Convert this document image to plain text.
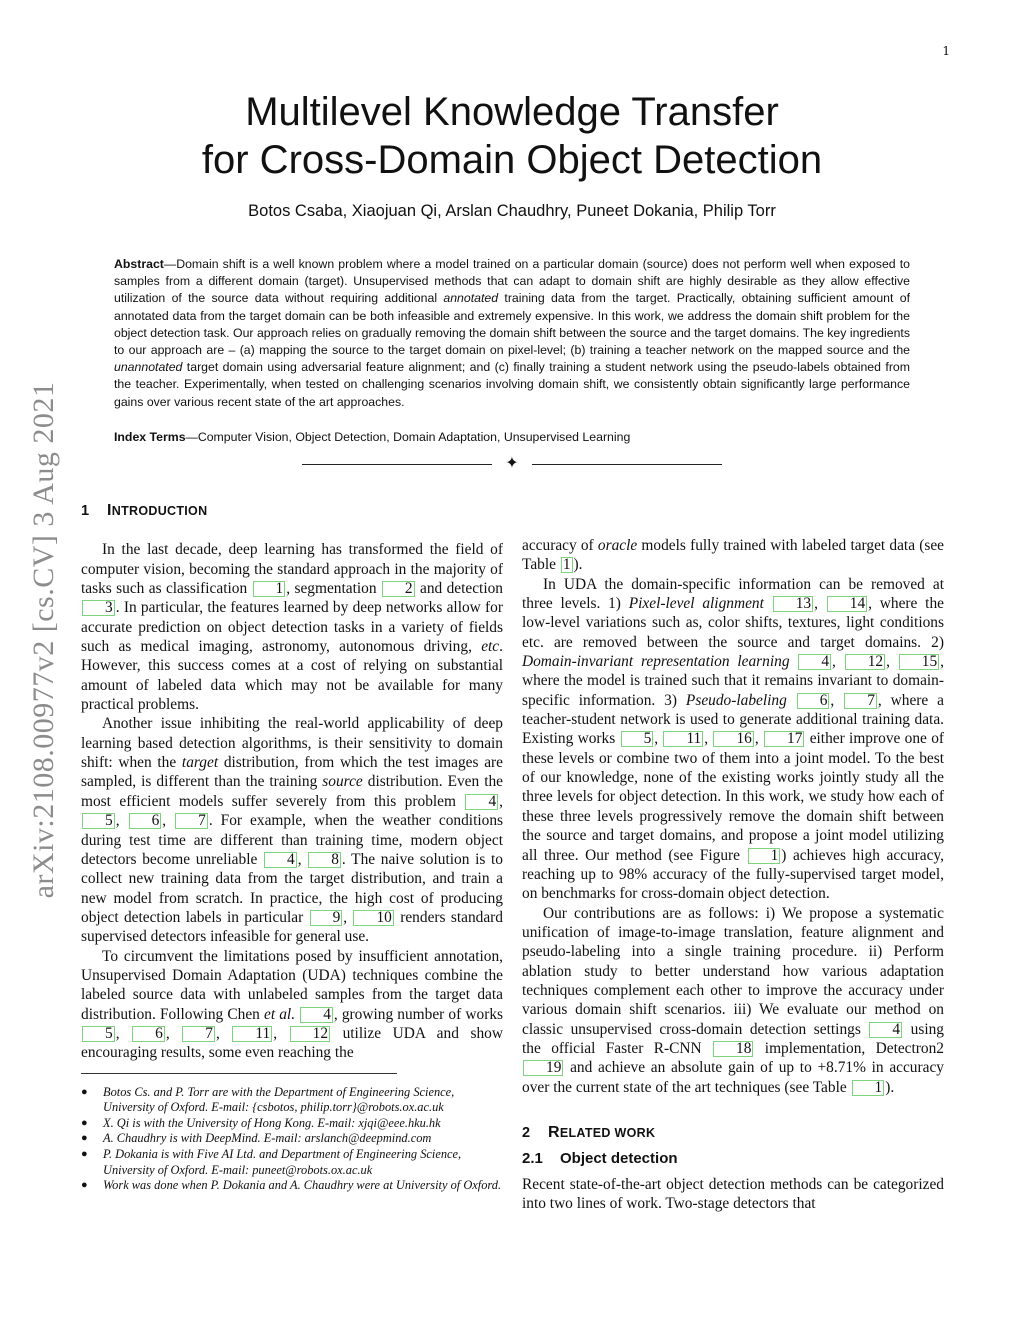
1
arXiv:2108.00977v2 [cs.CV] 3 Aug 2021
Multilevel Knowledge Transfer
for Cross-Domain Object Detection
Botos Csaba, Xiaojuan Qi, Arslan Chaudhry, Puneet Dokania, Philip Torr

Abstract—Domain shift is a well known problem where a model trained on a particular domain (source) does not perform well when exposed to samples from a different domain (target). Unsupervised methods that can adapt to domain shift are highly desirable as they allow effective utilization of the source data without requiring additional annotated training data from the target. Practically, obtaining sufficient amount of annotated data from the target domain can be both infeasible and extremely expensive. In this work, we address the domain shift problem for the object detection task. Our approach relies on gradually removing the domain shift between the source and the target domains. The key ingredients to our approach are – (a) mapping the source to the target domain on pixel-level; (b) training a teacher network on the mapped source and the unannotated target domain using adversarial feature alignment; and (c) finally training a student network using the pseudo-labels obtained from the teacher. Experimentally, when tested on challenging scenarios involving domain shift, we consistently obtain significantly large performance gains over various recent state of the art approaches.

Index Terms—Computer Vision, Object Detection, Domain Adaptation, Unsupervised Learning

✦
1 INTRODUCTION

In the last decade, deep learning has transformed the field of computer vision, becoming the standard approach in the majority of tasks such as classification 1 , segmentation 2 and detection 3 . In particular, the features learned by deep networks allow for accurate prediction on object detection tasks in a variety of fields such as medical imaging, astronomy, autonomous driving, etc. However, this success comes at a cost of relying on substantial amount of labeled data which may not be available for many practical problems.

Another issue inhibiting the real-world applicability of deep learning based detection algorithms, is their sensitivity to domain shift: when the target distribution, from which the test images are sampled, is different than the training source distribution. Even the most efficient models suffer severely from this problem 4 , 5 , 6 , 7 . For example, when the weather conditions during test time are different than training time, modern object detectors become unreliable 4 , 8 . The naive solution is to collect new training data from the target distribution, and train a new model from scratch. In practice, the high cost of producing object detection labels in particular 9 , 10 renders standard supervised detectors infeasible for general use.

To circumvent the limitations posed by insufficient annotation, Unsupervised Domain Adaptation (UDA) techniques combine the labeled source data with unlabeled samples from the target data distribution. Following Chen et al. 4 , growing number of works 5 , 6 , 7 , 11 , 12 utilize UDA and show encouraging results, some even reaching the

● Botos Cs. and P. Torr are with the Department of Engineering Science, University of Oxford. E-mail: {csbotos, philip.torr}@robots.ox.ac.uk
● X. Qi is with the University of Hong Kong. E-mail: xjqi@eee.hku.hk
● A. Chaudhry is with DeepMind. E-mail: arslanch@deepmind.com
● P. Dokania is with Five AI Ltd. and Department of Engineering Science, University of Oxford. E-mail: puneet@robots.ox.ac.uk
● Work was done when P. Dokania and A. Chaudhry were at University of Oxford.

accuracy of oracle models fully trained with labeled target data (see Table 1 ).

In UDA the domain-specific information can be removed at three levels. 1) Pixel-level alignment 13 , 14 , where the low-level variations such as, color shifts, textures, light conditions etc. are removed between the source and target domains. 2) Domain-invariant representation learning 4 , 12 , 15 , where the model is trained such that it remains invariant to domain-specific information. 3) Pseudo-labeling 6 , 7 , where a teacher-student network is used to generate additional training data. Existing works 5 , 11 , 16 , 17 either improve one of these levels or combine two of them into a joint model. To the best of our knowledge, none of the existing works jointly study all the three levels for object detection. In this work, we study how each of these three levels progressively remove the domain shift between the source and target domains, and propose a joint model utilizing all three. Our method (see Figure 1 ) achieves high accuracy, reaching up to 98% accuracy of the fully-supervised target model, on benchmarks for cross-domain object detection.

Our contributions are as follows: i) We propose a systematic unification of image-to-image translation, feature alignment and pseudo-labeling into a single training procedure. ii) Perform ablation study to better understand how various adaptation techniques complement each other to improve the accuracy under various domain shift scenarios. iii) We evaluate our method on classic unsupervised cross-domain detection settings 4 using the official Faster R-CNN 18 implementation, Detectron2 19 and achieve an absolute gain of up to +8.71% in accuracy over the current state of the art techniques (see Table 1 ).

2 RELATED WORK
2.1 Object detection

Recent state-of-the-art object detection methods can be categorized into two lines of work. Two-stage detectors that
